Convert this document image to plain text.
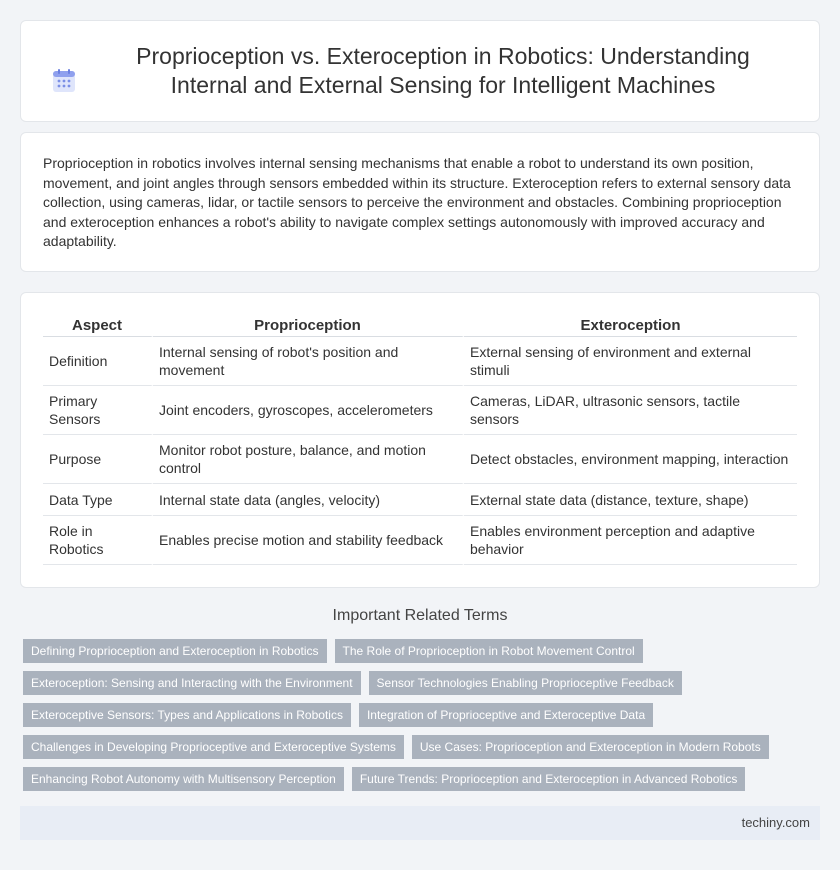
Proprioception vs. Exteroception in Robotics: Understanding Internal and External Sensing for Intelligent Machines

Proprioception in robotics involves internal sensing mechanisms that enable a robot to understand its own position, movement, and joint angles through sensors embedded within its structure. Exteroception refers to external sensory data collection, using cameras, lidar, or tactile sensors to perceive the environment and obstacles. Combining proprioception and exteroception enhances a robot's ability to navigate complex settings autonomously with improved accuracy and adaptability.

Aspect	Proprioception	Exteroception
Definition	Internal sensing of robot's position and movement	External sensing of environment and external stimuli
Primary Sensors	Joint encoders, gyroscopes, accelerometers	Cameras, LiDAR, ultrasonic sensors, tactile sensors
Purpose	Monitor robot posture, balance, and motion control	Detect obstacles, environment mapping, interaction
Data Type	Internal state data (angles, velocity)	External state data (distance, texture, shape)
Role in Robotics	Enables precise motion and stability feedback	Enables environment perception and adaptive behavior
Important Related Terms
Defining Proprioception and Exteroception in Robotics	The Role of Proprioception in Robot Movement Control
Exteroception: Sensing and Interacting with the Environment	Sensor Technologies Enabling Proprioceptive Feedback
Exteroceptive Sensors: Types and Applications in Robotics	Integration of Proprioceptive and Exteroceptive Data
Challenges in Developing Proprioceptive and Exteroceptive Systems	Use Cases: Proprioception and Exteroception in Modern Robots
Enhancing Robot Autonomy with Multisensory Perception	Future Trends: Proprioception and Exteroception in Advanced Robotics
techiny.com
